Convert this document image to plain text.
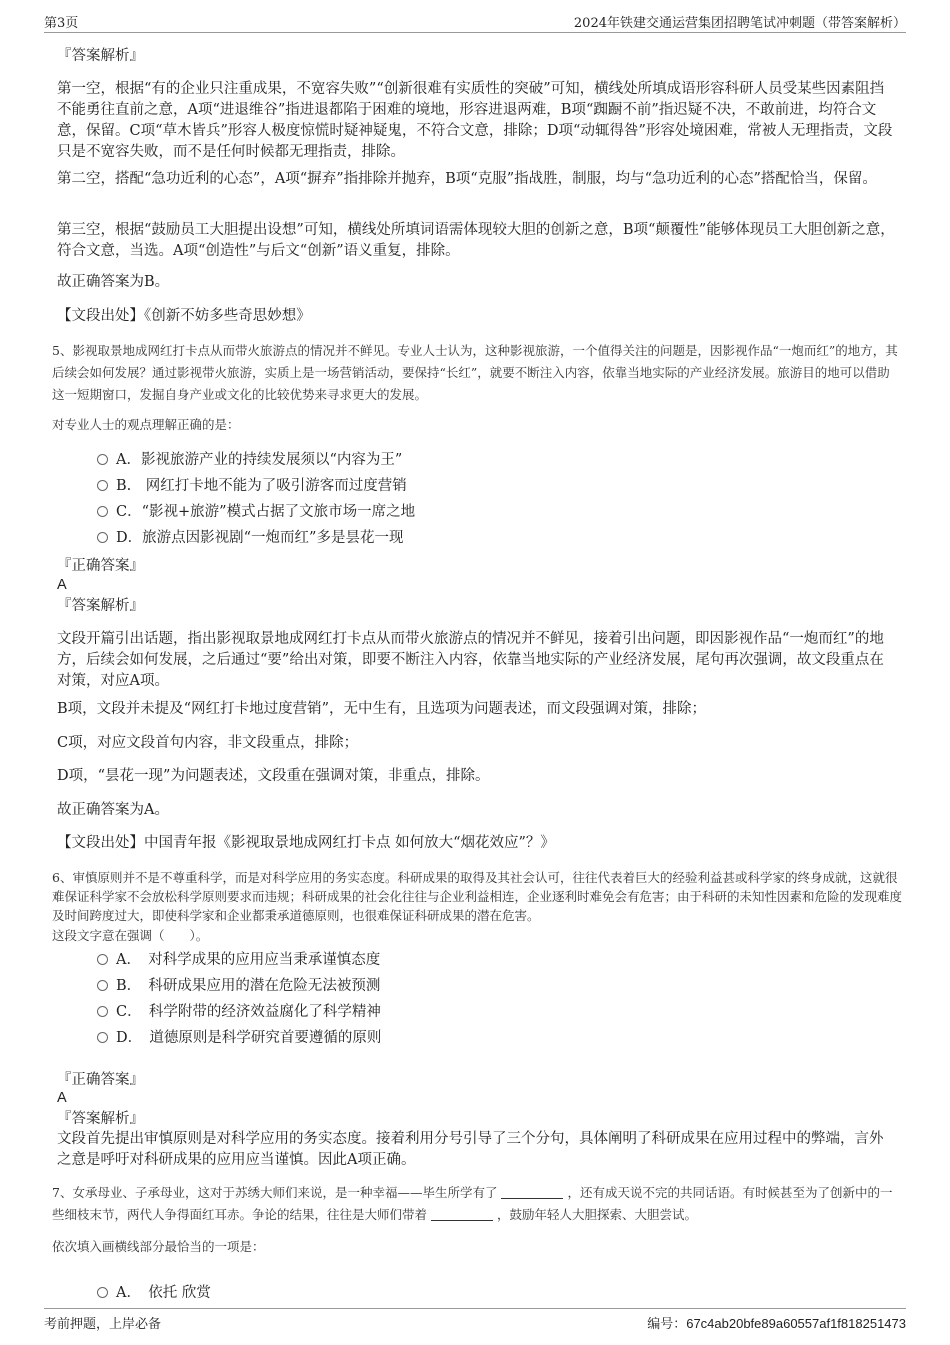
第3页	2024年铁建交通运营集团招聘笔试冲刺题（带答案解析）
『答案解析』
第一空，根据“有的企业只注重成果，不宽容失败”“创新很难有实质性的突破”可知，横线处所填成语形容科研人员受某些因素阻挡不能勇往直前之意，A项“进退维谷”指进退都陷于困难的境地，形容进退两难，B项“踟蹰不前”指迟疑不决，不敢前进，均符合文意，保留。C项“草木皆兵”形容人极度惊慌时疑神疑鬼，不符合文意，排除；D项“动辄得咎”形容处境困难，常被人无理指责，文段只是不宽容失败，而不是任何时候都无理指责，排除。
第二空，搭配“急功近利的心态”，A项“摒弃”指排除并抛弃，B项“克服”指战胜，制服，均与“急功近利的心态”搭配恰当，保留。
第三空，根据“鼓励员工大胆提出设想”可知，横线处所填词语需体现较大胆的创新之意，B项“颠覆性”能够体现员工大胆创新之意，符合文意，当选。A项“创造性”与后文“创新”语义重复，排除。
故正确答案为B。
【文段出处】《创新不妨多些奇思妙想》
5、影视取景地成网红打卡点从而带火旅游点的情况并不鲜见。专业人士认为，这种影视旅游，一个值得关注的问题是，因影视作品“一炮而红”的地方，其后续会如何发展？通过影视带火旅游，实质上是一场营销活动，要保持“长红”，就要不断注入内容，依靠当地实际的产业经济发展。旅游目的地可以借助这一短期窗口，发掘自身产业或文化的比较优势来寻求更大的发展。
对专业人士的观点理解正确的是：
A．影视旅游产业的持续发展须以“内容为王”
B.　网红打卡地不能为了吸引游客而过度营销
C．“影视+旅游”模式占据了文旅市场一席之地
D．旅游点因影视剧“一炮而红”多是昙花一现
『正确答案』
A
『答案解析』
文段开篇引出话题，指出影视取景地成网红打卡点从而带火旅游点的情况并不鲜见，接着引出问题，即因影视作品“一炮而红”的地方，后续会如何发展，之后通过“要”给出对策，即要不断注入内容，依靠当地实际的产业经济发展，尾句再次强调，故文段重点在对策，对应A项。
B项，文段并未提及“网红打卡地过度营销”，无中生有，且选项为问题表述，而文段强调对策，排除；
C项，对应文段首句内容，非文段重点，排除；
D项，“昙花一现”为问题表述，文段重在强调对策，非重点，排除。
故正确答案为A。
【文段出处】中国青年报《影视取景地成网红打卡点 如何放大“烟花效应”？》
6、审慎原则并不是不尊重科学，而是对科学应用的务实态度。科研成果的取得及其社会认可，往往代表着巨大的经验利益甚或科学家的终身成就，这就很难保证科学家不会放松科学原则要求而违规；科研成果的社会化往往与企业利益相连，企业逐利时难免会有危害；由于科研的未知性因素和危险的发现难度及时间跨度过大，即使科学家和企业都秉承道德原则，也很难保证科研成果的潜在危害。
这段文字意在强调（　　）。
A．　对科学成果的应用应当秉承谨慎态度
B．　科研成果应用的潜在危险无法被预测
C．　科学附带的经济效益腐化了科学精神
D．　道德原则是科学研究首要遵循的原则
『正确答案』
A
『答案解析』
文段首先提出审慎原则是对科学应用的务实态度。接着利用分号引导了三个分句，具体阐明了科研成果在应用过程中的弊端，言外之意是呼吁对科研成果的应用应当谨慎。因此A项正确。
7、女承母业、子承母业，这对于苏绣大师们来说，是一种幸福——毕生所学有了	，还有成天说不完的共同话语。有时候甚至为了创新中的一些细枝末节，两代人争得面红耳赤。争论的结果，往往是大师们带着	，鼓励年轻人大胆探索、大胆尝试。
依次填入画横线部分最恰当的一项是：
A．　依托 欣赏
考前押题，上岸必备	编号：67c4ab20bfe89a60557af1f818251473
